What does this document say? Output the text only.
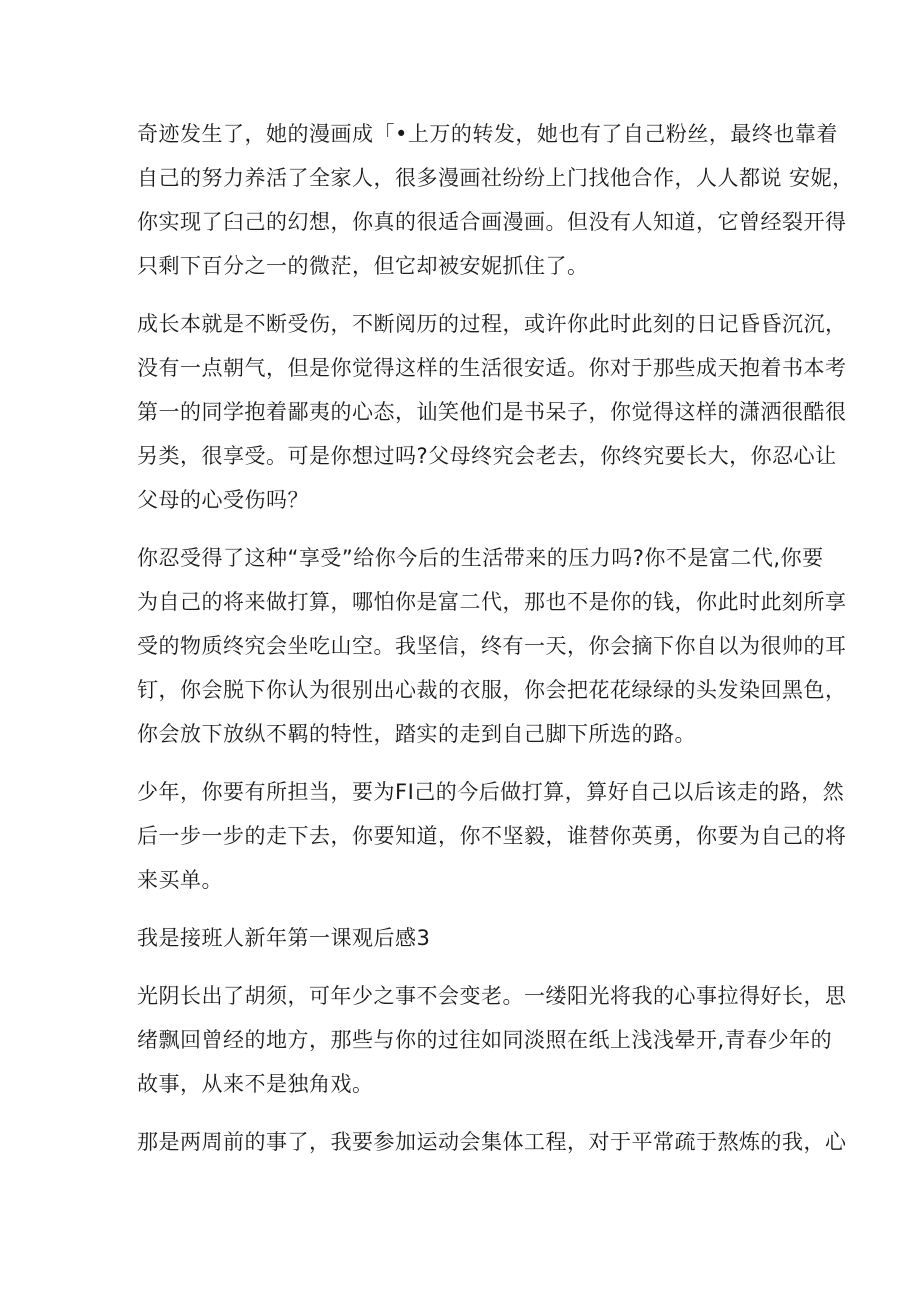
奇迹发生了，她的漫画成「•上万的转发，她也有了自己粉丝，最终也靠着
自己的努力养活了全家人，很多漫画社纷纷上门找他合作，人人都说 安妮，
你实现了臼己的幻想，你真的很适合画漫画。但没有人知道，它曾经裂开得
只剩下百分之一的微茫，但它却被安妮抓住了。
成长本就是不断受伤，不断阅历的过程，或许你此时此刻的日记昏昏沉沉，
没有一点朝气，但是你觉得这样的生活很安适。你对于那些成天抱着书本考
第一的同学抱着鄙夷的心态，讪笑他们是书呆子，你觉得这样的潇洒很酷很
另类，很享受。可是你想过吗?父母终究会老去，你终究要长大，你忍心让
父母的心受伤吗？
你忍受得了这种“享受”给你今后的生活带来的压力吗?你不是富二代,你要
为自己的将来做打算，哪怕你是富二代，那也不是你的钱，你此时此刻所享
受的物质终究会坐吃山空。我坚信，终有一天，你会摘下你自以为很帅的耳
钉，你会脱下你认为很别出心裁的衣服，你会把花花绿绿的头发染回黑色，
你会放下放纵不羁的特性，踏实的走到自己脚下所选的路。
少年，你要有所担当，要为FI己的今后做打算，算好自己以后该走的路，然
后一步一步的走下去，你要知道，你不坚毅，谁替你英勇，你要为自己的将
来买单。
我是接班人新年第一课观后感3
光阴长出了胡须，可年少之事不会变老。一缕阳光将我的心事拉得好长，思
绪飘回曾经的地方，那些与你的过往如同淡照在纸上浅浅晕开,青春少年的
故事，从来不是独角戏。
那是两周前的事了，我要参加运动会集体工程，对于平常疏于熬炼的我，心
